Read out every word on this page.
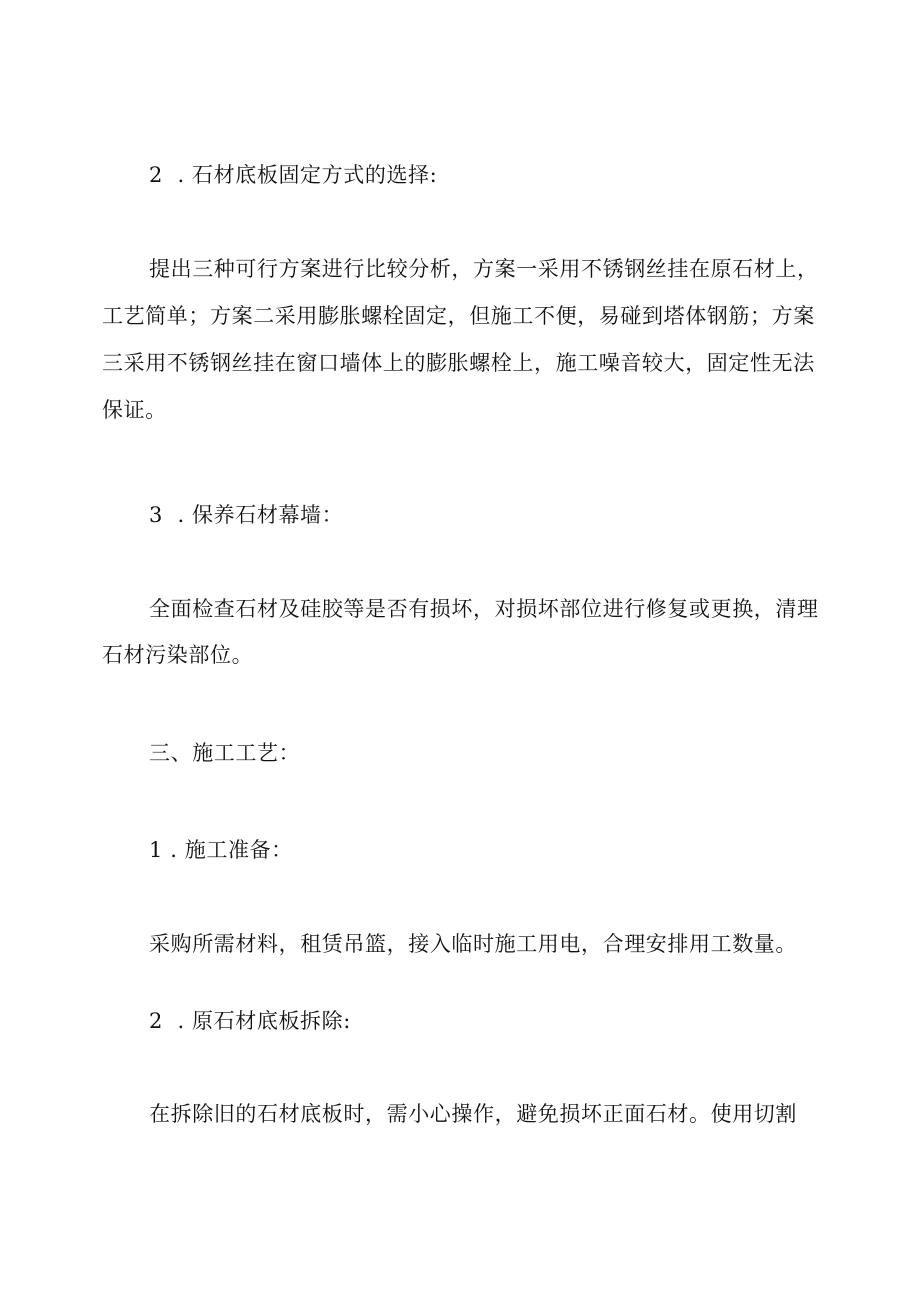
2  . 石材底板固定方式的选择:
提出三种可行方案进行比较分析，方案一采用不锈钢丝挂在原石材上，
工艺简单；方案二采用膨胀螺栓固定，但施工不便，易碰到塔体钢筋；方案
三采用不锈钢丝挂在窗口墙体上的膨胀螺栓上，施工噪音较大，固定性无法
保证。
3  . 保养石材幕墙：
全面检查石材及硅胶等是否有损坏，对损坏部位进行修复或更换，清理
石材污染部位。
三、施工工艺：
1 . 施工准备：
采购所需材料，租赁吊篮，接入临时施工用电，合理安排用工数量。
2  . 原石材底板拆除:
在拆除旧的石材底板时，需小心操作，避免损坏正面石材。使用切割
